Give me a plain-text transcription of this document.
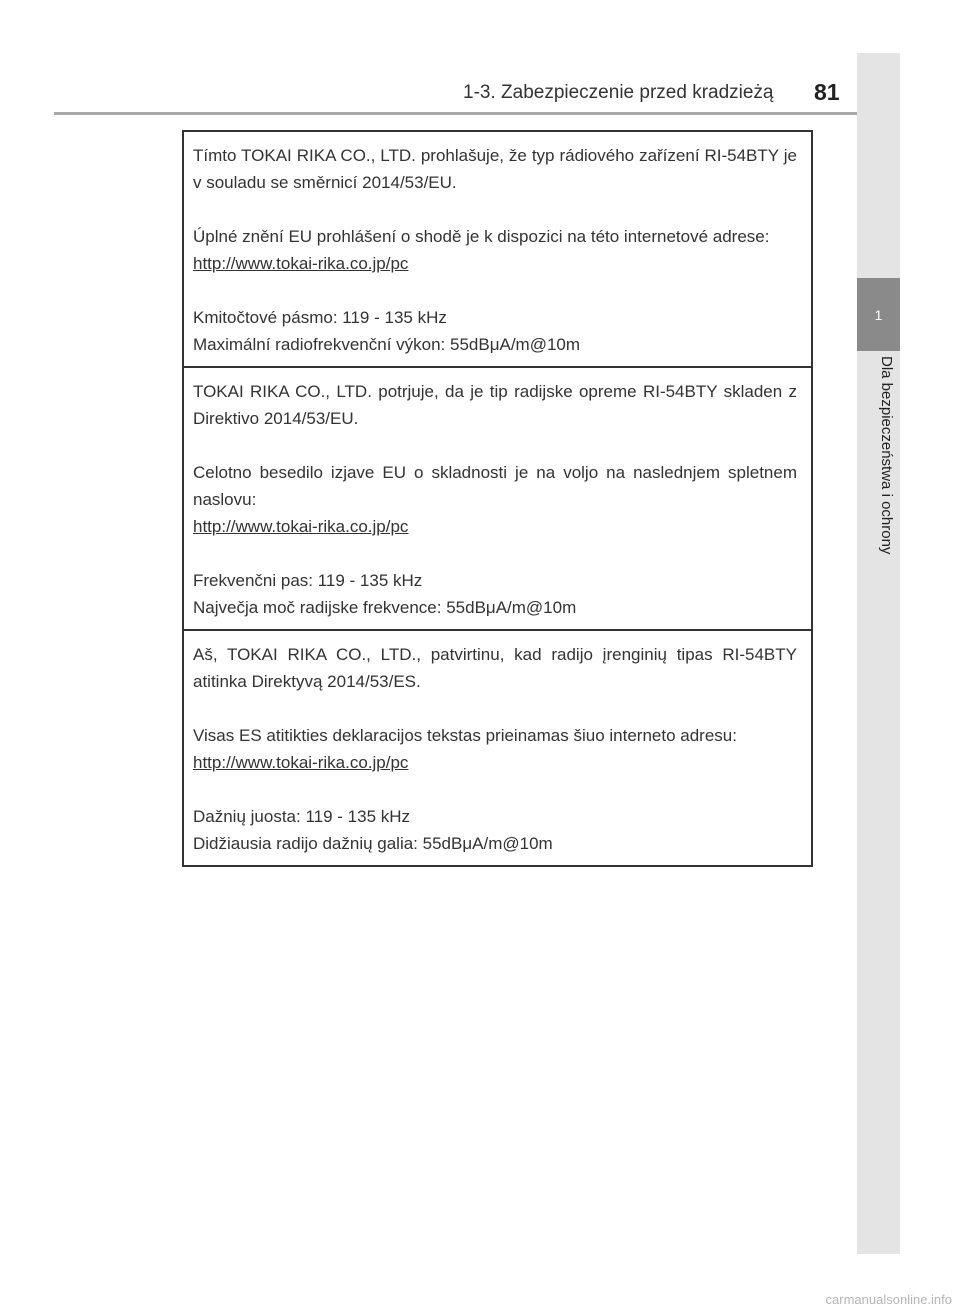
1-3. Zabezpieczenie przed kradzieżą 81
1
Dla bezpieczeństwa i ochrony

Tímto TOKAI RIKA CO., LTD. prohlašuje, že typ rádiového zařízení RI-54BTY je v souladu se směrnicí 2014/53/EU.

Úplné znění EU prohlášení o shodě je k dispozici na této internetové adrese:

http://www.tokai-rika.co.jp/pc

Kmitočtové pásmo: 119 - 135 kHz

Maximální radiofrekvenční výkon: 55dBμA/m@10m

TOKAI RIKA CO., LTD. potrjuje, da je tip radijske opreme RI-54BTY skladen z Direktivo 2014/53/EU.

Celotno besedilo izjave EU o skladnosti je na voljo na naslednjem spletnem naslovu:

http://www.tokai-rika.co.jp/pc

Frekvenčni pas: 119 - 135 kHz

Največja moč radijske frekvence: 55dBμA/m@10m

Aš, TOKAI RIKA CO., LTD., patvirtinu, kad radijo įrenginių tipas RI-54BTY atitinka Direktyvą 2014/53/ES.

Visas ES atitikties deklaracijos tekstas prieinamas šiuo interneto adresu:

http://www.tokai-rika.co.jp/pc

Dažnių juosta: 119 - 135 kHz

Didžiausia radijo dažnių galia: 55dBμA/m@10m

carmanualsonline.info
